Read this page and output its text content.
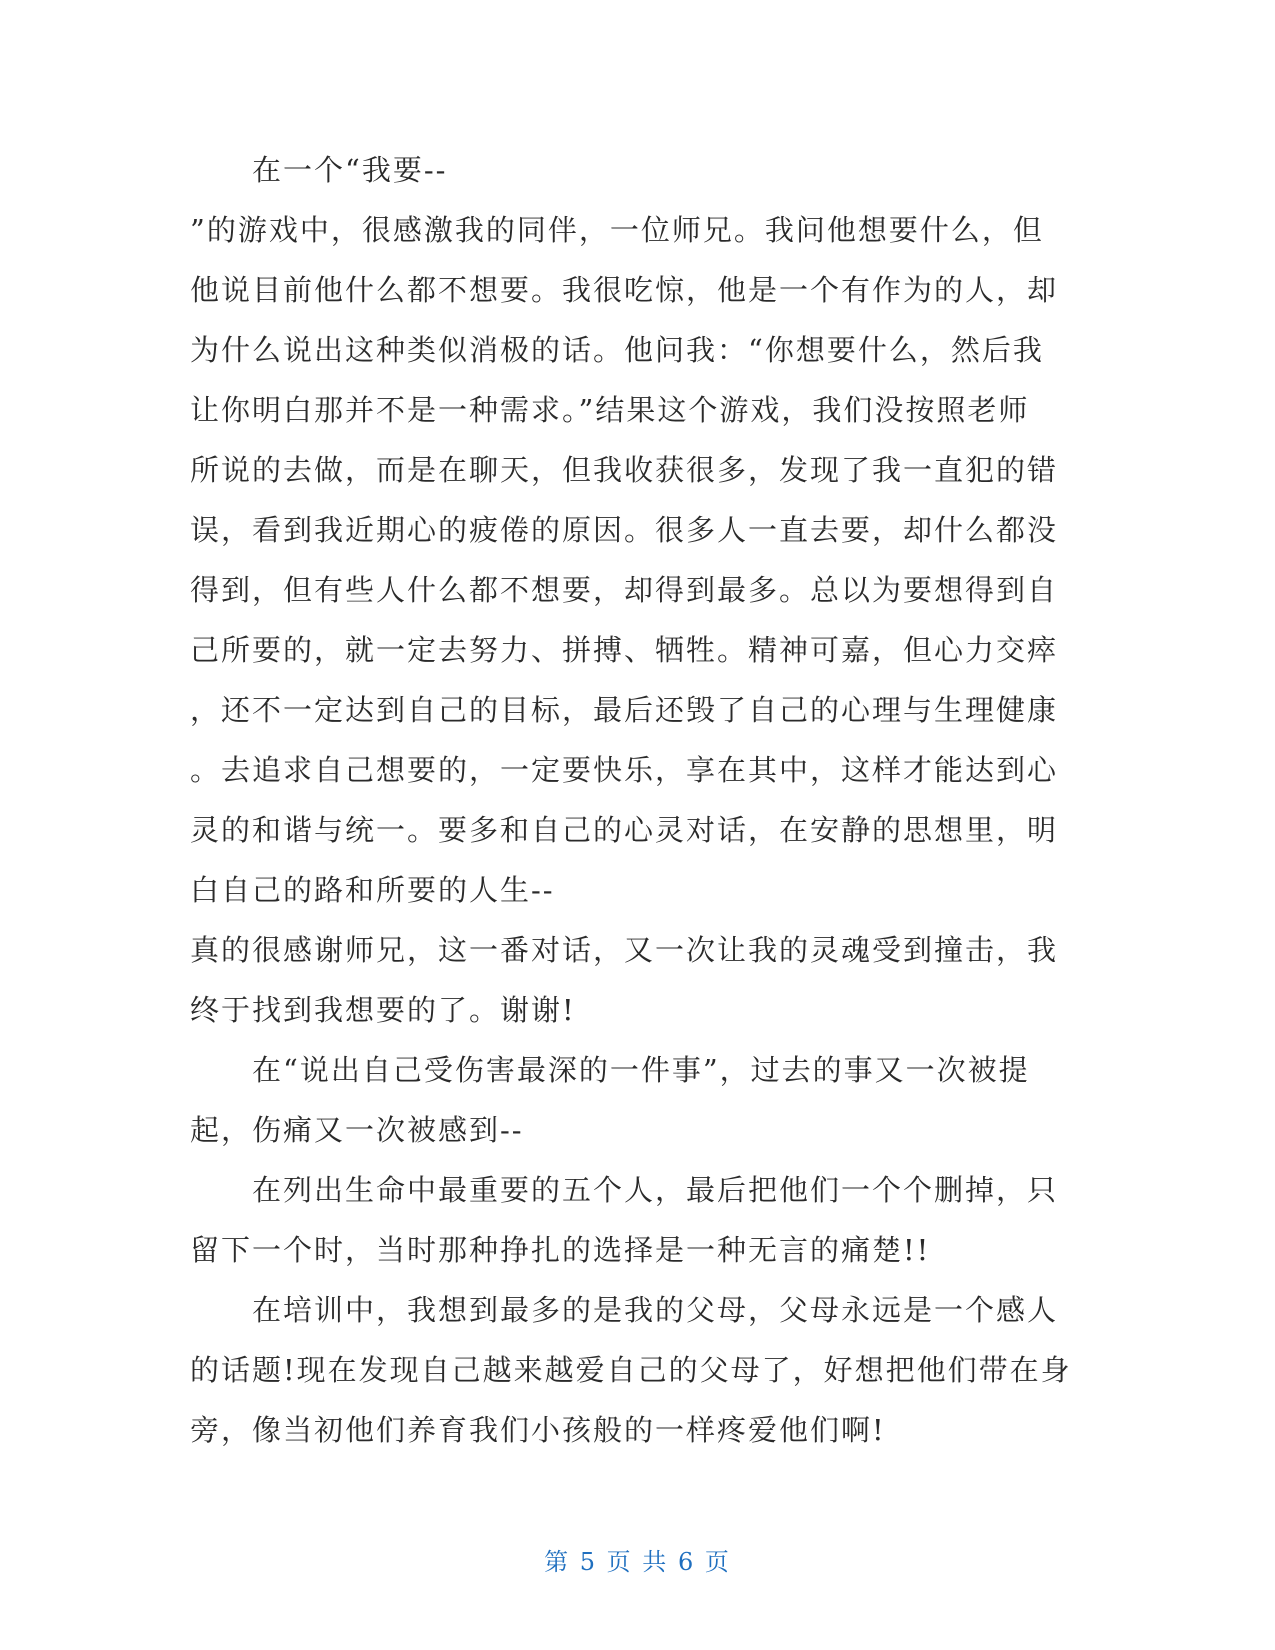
在一个“我要--
”的游戏中，很感激我的同伴，一位师兄。我问他想要什么，但
他说目前他什么都不想要。我很吃惊，他是一个有作为的人，却
为什么说出这种类似消极的话。他问我：“你想要什么，然后我
让你明白那并不是一种需求。”结果这个游戏，我们没按照老师
所说的去做，而是在聊天，但我收获很多，发现了我一直犯的错
误，看到我近期心的疲倦的原因。很多人一直去要，却什么都没
得到，但有些人什么都不想要，却得到最多。总以为要想得到自
己所要的，就一定去努力、拼搏、牺牲。精神可嘉，但心力交瘁
，还不一定达到自己的目标，最后还毁了自己的心理与生理健康
。去追求自己想要的，一定要快乐，享在其中，这样才能达到心
灵的和谐与统一。要多和自己的心灵对话，在安静的思想里，明
白自己的路和所要的人生--
真的很感谢师兄，这一番对话，又一次让我的灵魂受到撞击，我
终于找到我想要的了。谢谢!

在“说出自己受伤害最深的一件事”，过去的事又一次被提
起，伤痛又一次被感到--

在列出生命中最重要的五个人，最后把他们一个个删掉，只
留下一个时，当时那种挣扎的选择是一种无言的痛楚!!

在培训中，我想到最多的是我的父母，父母永远是一个感人
的话题!现在发现自己越来越爱自己的父母了，好想把他们带在身
旁，像当初他们养育我们小孩般的一样疼爱他们啊!

第 5 页 共 6 页
